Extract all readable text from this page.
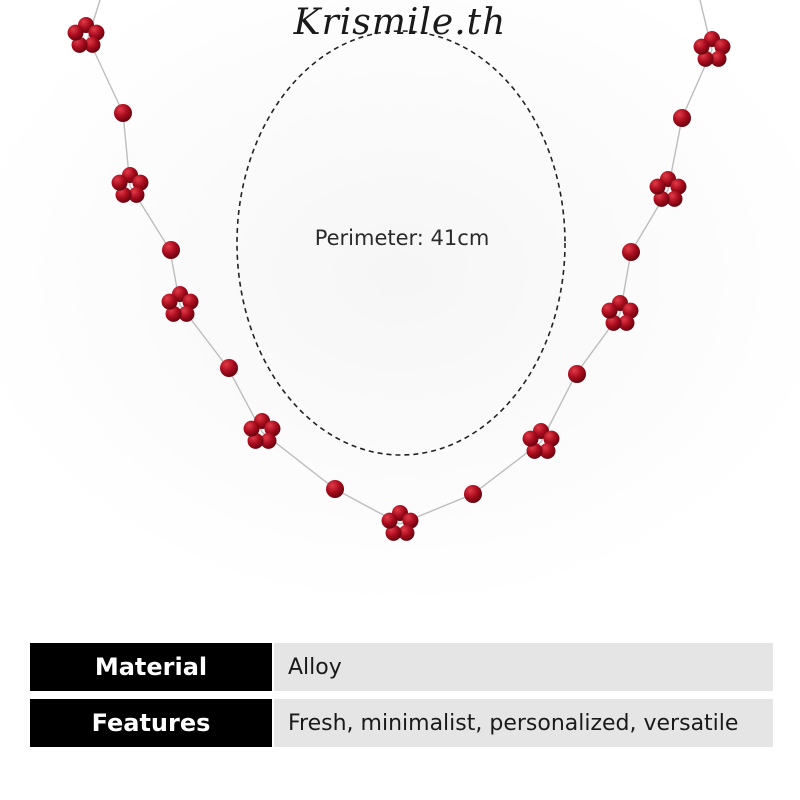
Krismile.th
Perimeter: 41cm
Material	Alloy
Features	Fresh, minimalist, personalized, versatile
